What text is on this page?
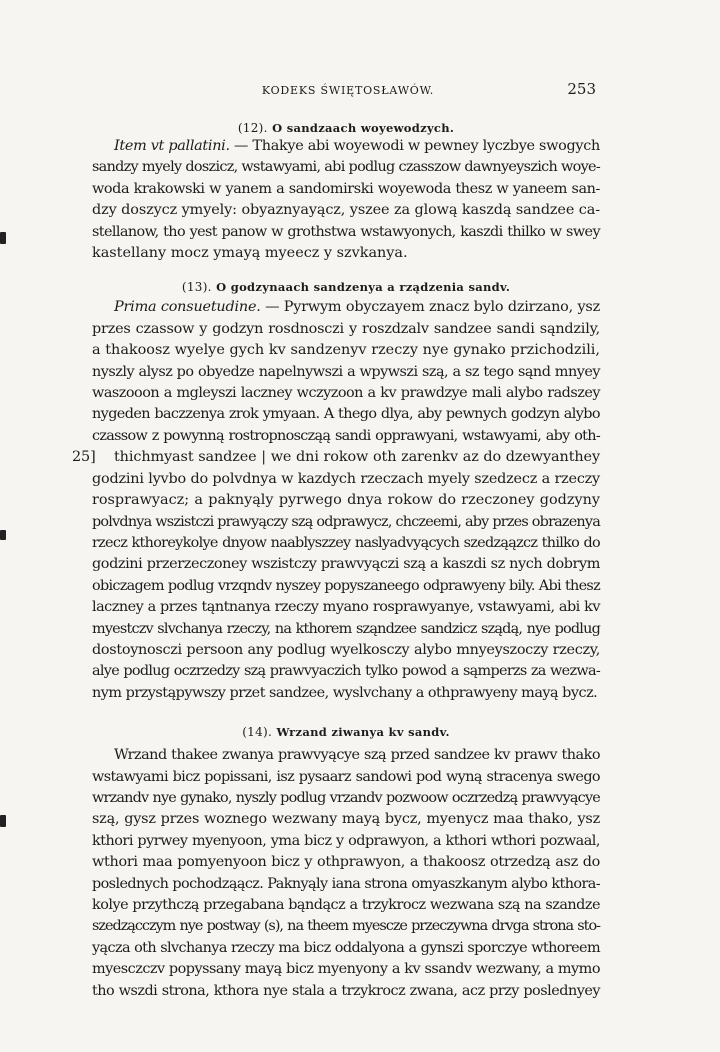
KODEKS ŚWIĘTOSŁAWÓW.	253
(12). O sandzaach woyewodzych.
Item vt pallatini. — Thakye abi woyewodi w pewney lyczbye swogych
sandzy myely doszicz, wstawyami, abi podlug czasszow dawnyeyszich woye-
woda krakowski w yanem a sandomirski woyewoda thesz w yaneem san-
dzy doszycz ymyely: obyaznyayącz, yszee za glową kaszdą sandzee ca-
stellanow, tho yest panow w grothstwa wstawyonych, kaszdi thilko w swey
kastellany mocz ymayą myeecz y szvkanya.
(13). O godzynaach sandzenya a rządzenia sandv.
Prima consuetudine. — Pyrwym obyczayem znacz bylo dzirzano, ysz
przes czassow y godzyn rosdnosczi y roszdzalv sandzee sandi sąndzily,
a thakoosz wyelye gych kv sandzenyv rzeczy nye gynako przichodzili,
nyszly alysz po obyedze napelnywszi a wpywszi szą, a sz tego sąnd mnyey
waszooon a mgleyszi laczney wczyzoon a kv prawdzye mali alybo radszey
nygeden baczzenya zrok ymyaan. A thego dlya, aby pewnych godzyn alybo
czassow z powynną rostropnoscząą sandi opprawyani, wstawyami, aby oth-
25] thichmyast sandzee | we dni rokow oth zarenkv az do dzewyanthey
godzini lyvbo do polvdnya w kazdych rzeczach myely szedzecz a rzeczy
rosprawyacz; a paknyąly pyrwego dnya rokow do rzeczoney godzyny
polvdnya wszistczi prawyączy szą odprawycz, chczeemi, aby przes obrazenya
rzecz kthoreykolye dnyow naablyszzey naslyadvyących szedząązcz thilko do
godzini przerzeczoney wszistczy prawvyączi szą a kaszdi sz nych dobrym
obiczagem podlug vrzqndv nyszey popyszaneego odprawyeny bily. Abi thesz
laczney a przes tąntnanya rzeczy myano rosprawyanye, vstawyami, abi kv
myestczv slvchanya rzeczy, na kthorem sząndzee sandzicz sządą, nye podlug
dostoynosczi persoon any podlug wyelkosczy alybo mnyeyszoczy rzeczy,
alye podlug oczrzedzy szą prawvyaczich tylko powod a sąmperzs za wezwa-
nym przystąpywszy przet sandzee, wyslvchany a othprawyeny mayą bycz.
(14). Wrzand ziwanya kv sandv.
Wrzand thakee zwanya prawvyącye szą przed sandzee kv prawv thako
wstawyami bicz popissani, isz pysaarz sandowi pod wyną stracenya swego
wrzandv nye gynako, nyszly podlug vrzandv pozwoow oczrzedzą prawvyącye
szą, gysz przes woznego wezwany mayą bycz, myenycz maa thako, ysz
kthori pyrwey myenyoon, yma bicz y odprawyon, a kthori wthori pozwaal,
wthori maa pomyenyoon bicz y othprawyon, a thakoosz otrzedzą asz do
poslednych pochodząącz. Paknyąly iana strona omyaszkanym alybo kthora-
kolye przythczą przegabana bąndącz a trzykrocz wezwana szą na szandze
szedzącczym nye postway (s), na theem myescze przeczywna drvga strona sto-
yącza oth slvchanya rzeczy ma bicz oddalyona a gynszi sporczye wthoreem
myesczczv popyssany mayą bicz myenyony a kv ssandv wezwany, a mymo
tho wszdi strona, kthora nye stala a trzykrocz zwana, acz przy poslednyey
